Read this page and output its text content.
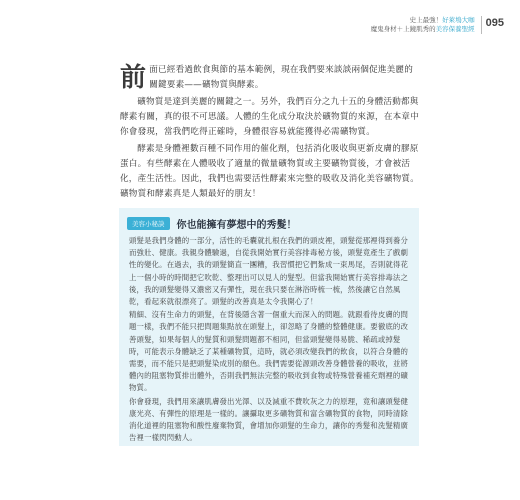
史上最強！好萊塢大咖
魔鬼身材＋上鏡肌秀的美容保養聖經 095

前面已經看過飲食與節的基本範例，現在我們要來談談兩個促進美麗的關鍵要素——礦物質與酵素。

礦物質是達到美麗的關鍵之一。另外，我們百分之九十五的身體活動都與酵素有關，真的很不可思議。人體的生化成分取決於礦物質的來源，在本章中你會發現，當我們吃得正確時，身體很容易就能獲得必需礦物質。

酵素是身體裡數百種不同作用的催化劑，包括消化吸收與更新皮膚的膠原蛋白。有些酵素在人體吸收了適量的微量礦物質或主要礦物質後，才會被活化，產生活性。因此，我們也需要活性酵素來完整的吸收及消化美容礦物質。礦物質和酵素真是人類最好的朋友！

美容小秘訣	你也能擁有夢想中的秀髮！

頭髮是我們身體的一部分，活性的毛囊就扎根在我們的頭皮裡，頭髮從那裡得到養分而強壯、健康。我親身體驗過，自從我開始實行美容排毒秘方後，頭髮竟產生了戲劇性的變化。在過去，我的頭髮簡直一團糟，我習慣把它們紮成一束馬尾，否則就得花上一個小時的時間把它吹乾、整理出可以見人的髮型。但當我開始實行美容排毒法之後，我的頭髮變得又濃密又有彈性，現在我只要在淋浴時梳一梳，然後讓它自然風乾，看起來就很漂亮了。頭髮的改善真是太令我開心了！

精細、沒有生命力的頭髮，在背後隱含著一個重大而深入的問題。就跟看待皮膚的問題一樣，我們不能只把問題集點放在頭髮上，卻忽略了身體的整體健康。要徹底的改善頭髮，如果每個人的髮質和頭髮問題都不相同，但當頭髮變得易脆、稀疏或掉髮時，可能表示身體缺乏了某種礦物質，這時，就必須改變我們的飲食，以符合身體的需要，而不能只是把頭髮染成別的顏色。我們需要從源頭改善身體營養的吸收，並將體內的阻塞物質排出體外，否則我們無法完整的吸收到食物或特殊營養補充劑裡的礦物質。

你會發現，我們用來讓肌膚發出光澤、以及減重不費吹灰之力的原理，竟和讓頭髮健康光亮、有彈性的原理是一樣的。讓攝取更多礦物質和富含礦物質的食物，同時清除消化道裡的阻塞物和酸性廢棄物質，會增加你頭髮的生命力，讓你的秀髮和洗髮精廣告裡一樣閃閃動人。
